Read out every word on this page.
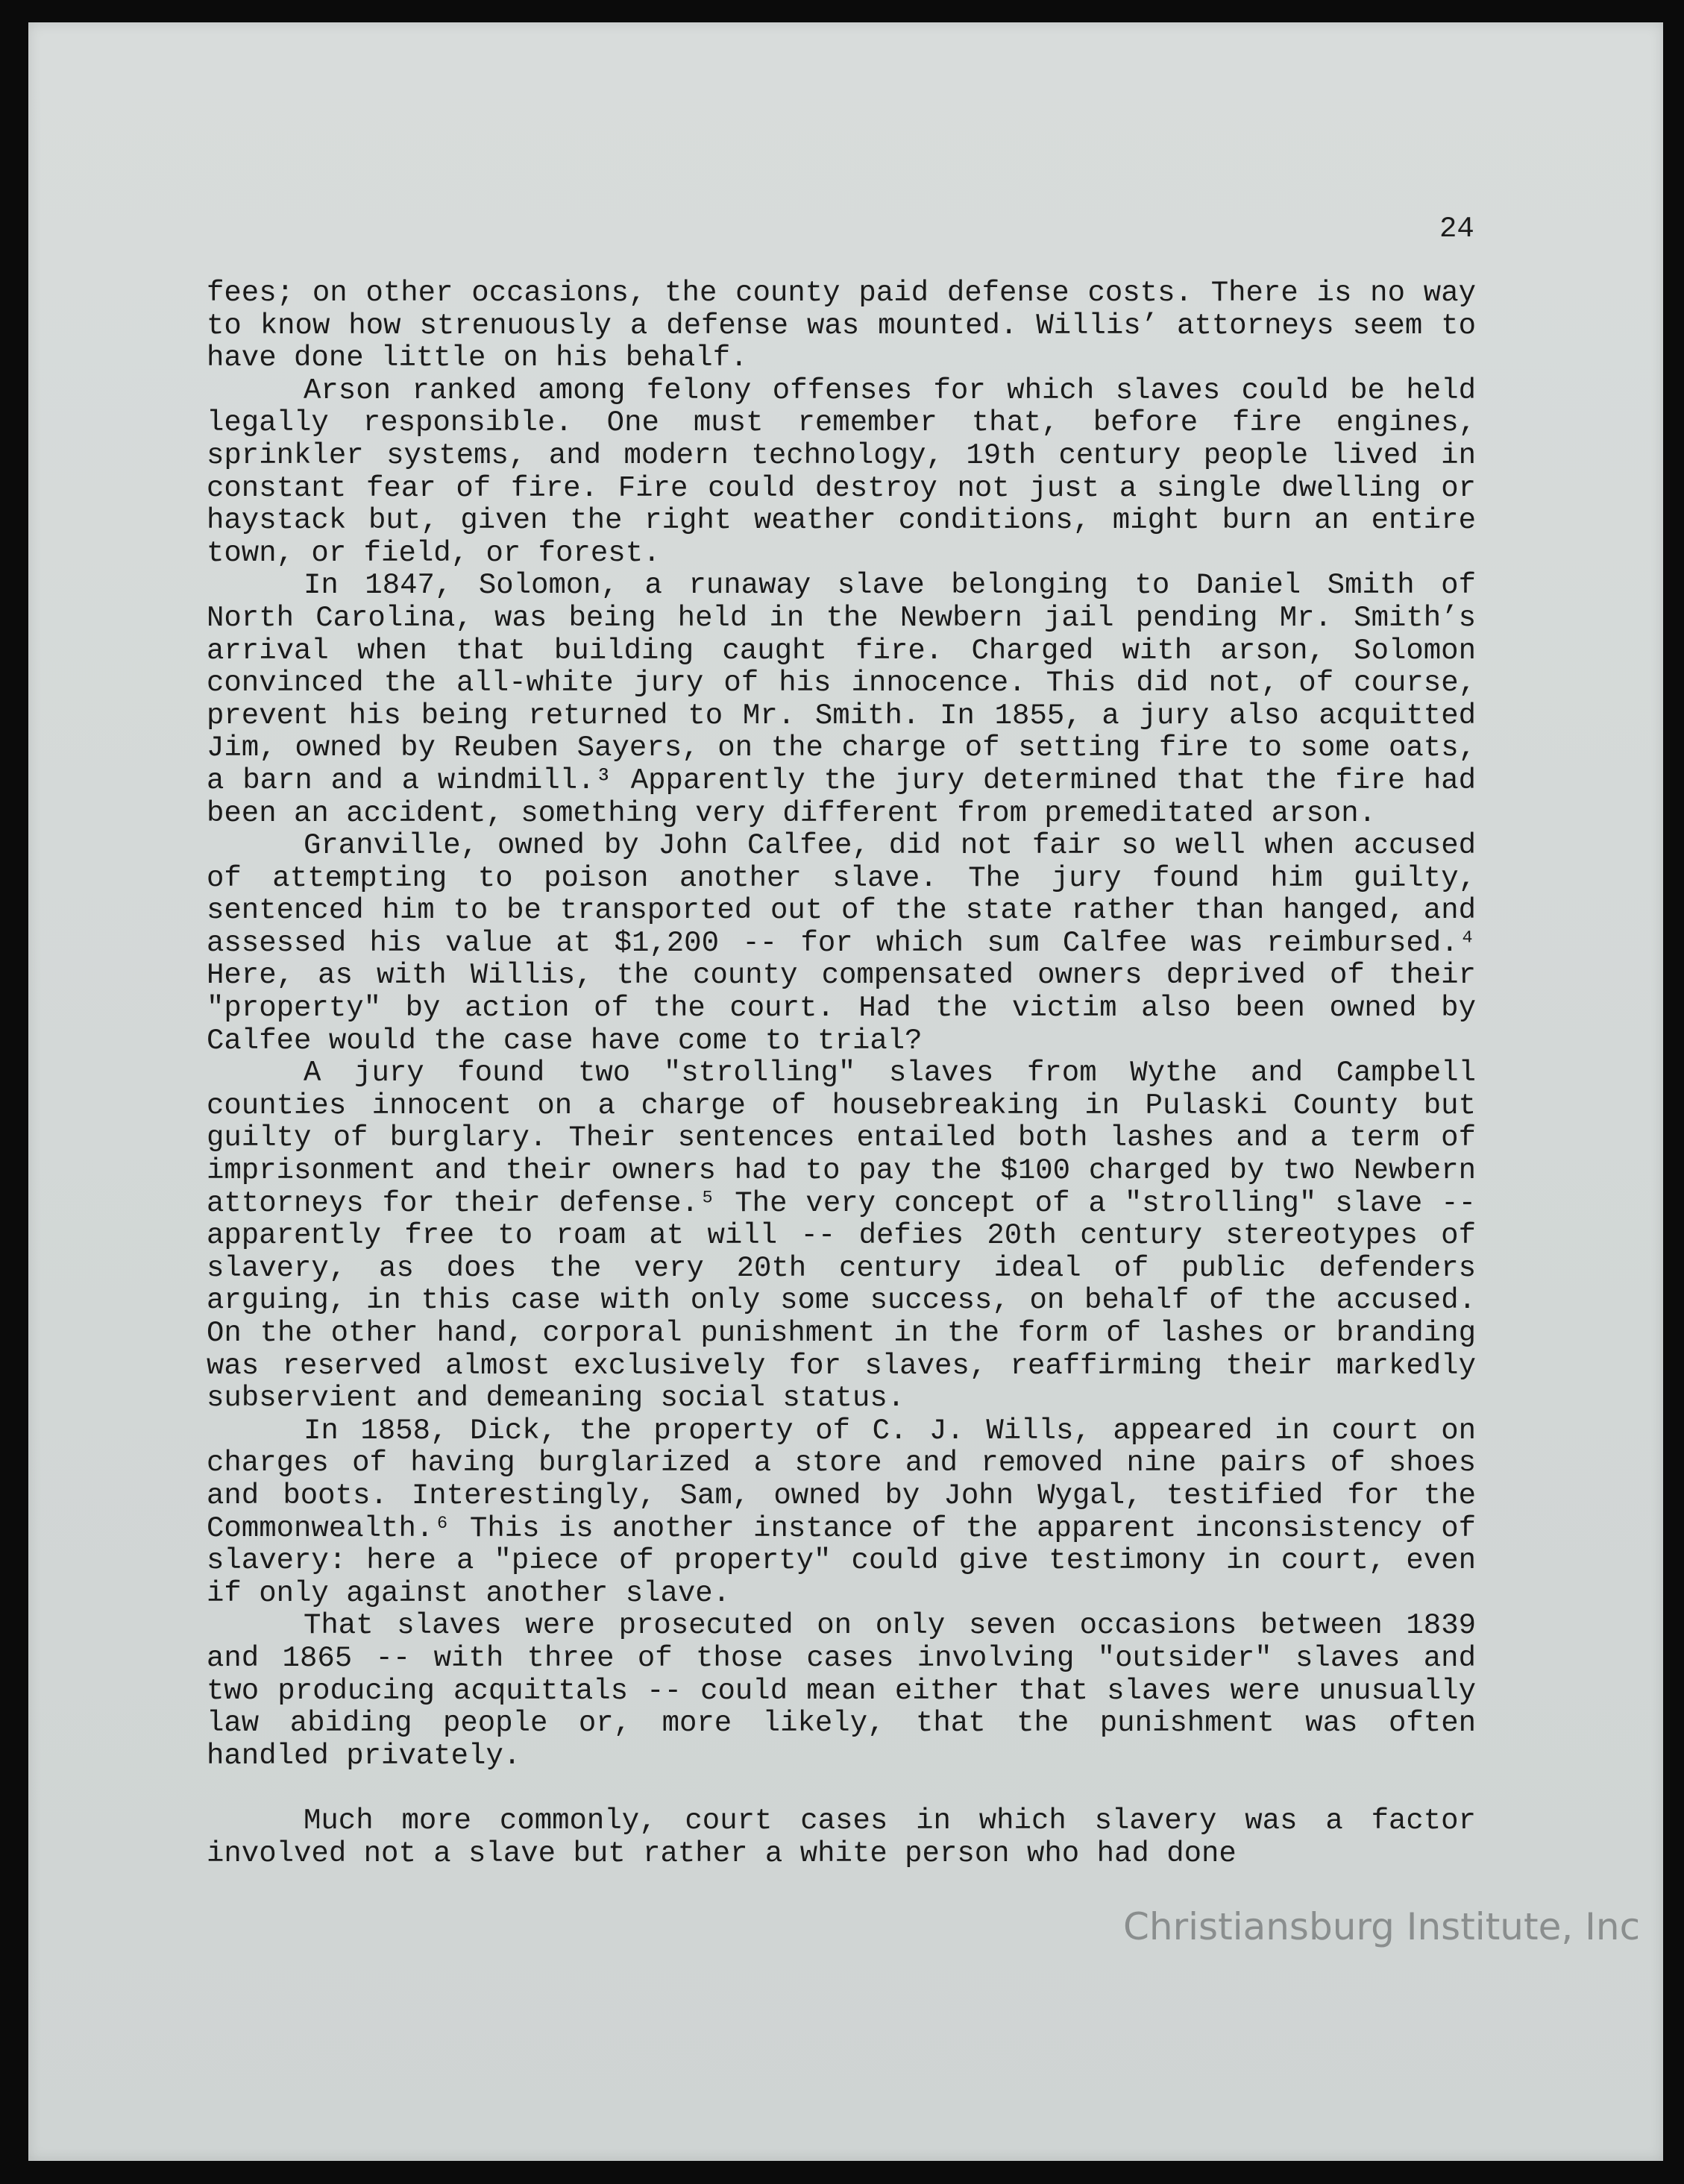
24

fees; on other occasions, the county paid defense costs. There is no way to know how strenuously a defense was mounted. Willis’ attorneys seem to have done little on his behalf.

Arson ranked among felony offenses for which slaves could be held legally responsible. One must remember that, before fire engines, sprinkler systems, and modern technology, 19th century people lived in constant fear of fire. Fire could destroy not just a single dwelling or haystack but, given the right weather conditions, might burn an entire town, or field, or forest.

In 1847, Solomon, a runaway slave belonging to Daniel Smith of North Carolina, was being held in the Newbern jail pending Mr. Smith’s arrival when that building caught fire. Charged with arson, Solomon convinced the all-white jury of his innocence. This did not, of course, prevent his being returned to Mr. Smith. In 1855, a jury also acquitted Jim, owned by Reuben Sayers, on the charge of setting fire to some oats, a barn and a windmill.³ Apparently the jury determined that the fire had been an accident, something very different from premeditated arson.

Granville, owned by John Calfee, did not fair so well when accused of attempting to poison another slave. The jury found him guilty, sentenced him to be transported out of the state rather than hanged, and assessed his value at $1,200 -- for which sum Calfee was reimbursed.⁴ Here, as with Willis, the county compensated owners deprived of their "property" by action of the court. Had the victim also been owned by Calfee would the case have come to trial?

A jury found two "strolling" slaves from Wythe and Campbell counties innocent on a charge of housebreaking in Pulaski County but guilty of burglary. Their sentences entailed both lashes and a term of imprisonment and their owners had to pay the $100 charged by two Newbern attorneys for their defense.⁵ The very concept of a "strolling" slave -- apparently free to roam at will -- defies 20th century stereotypes of slavery, as does the very 20th century ideal of public defenders arguing, in this case with only some success, on behalf of the accused. On the other hand, corporal punishment in the form of lashes or branding was reserved almost exclusively for slaves, reaffirming their markedly subservient and demeaning social status.

In 1858, Dick, the property of C. J. Wills, appeared in court on charges of having burglarized a store and removed nine pairs of shoes and boots. Interestingly, Sam, owned by John Wygal, testified for the Commonwealth.⁶ This is another instance of the apparent inconsistency of slavery: here a "piece of property" could give testimony in court, even if only against another slave.

That slaves were prosecuted on only seven occasions between 1839 and 1865 -- with three of those cases involving "outsider" slaves and two producing acquittals -- could mean either that slaves were unusually law abiding people or, more likely, that the punishment was often handled privately.

Much more commonly, court cases in which slavery was a factor involved not a slave but rather a white person who had done

Christiansburg Institute, Inc
